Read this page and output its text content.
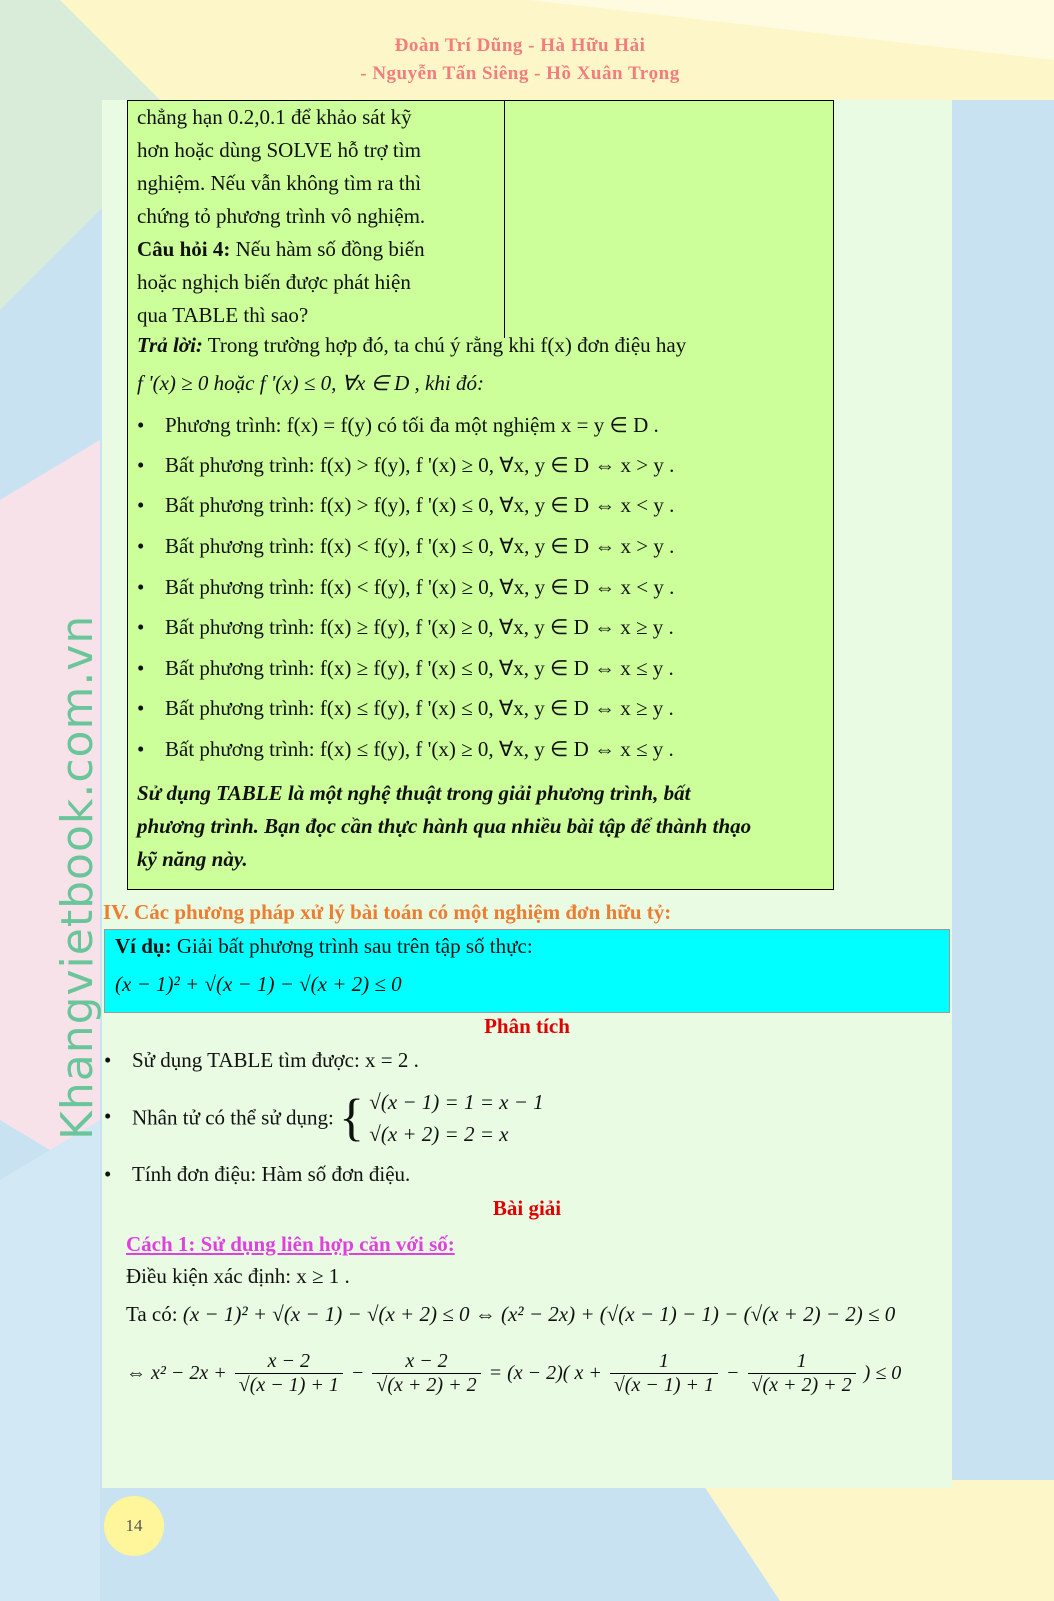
Đoàn Trí Dũng - Hà Hữu Hải
- Nguyễn Tấn Siêng - Hồ Xuân Trọng
Khangvietbook.com.vn
chẳng hạn 0.2,0.1 để khảo sát kỹ
hơn hoặc dùng SOLVE hỗ trợ tìm
nghiệm. Nếu vẫn không tìm ra thì
chứng tỏ phương trình vô nghiệm.
Câu hỏi 4: Nếu hàm số đồng biến
hoặc nghịch biến được phát hiện
qua TABLE thì sao?
Trả lời: Trong trường hợp đó, ta chú ý rằng khi f(x) đơn điệu hay
f '(x) ≥ 0 hoặc f '(x) ≤ 0, ∀x ∈ D , khi đó:
• Phương trình: f(x) = f(y) có tối đa một nghiệm x = y ∈ D .
• Bất phương trình: f(x) > f(y), f '(x) ≥ 0, ∀x, y ∈ D ⇔ x > y .
• Bất phương trình: f(x) > f(y), f '(x) ≤ 0, ∀x, y ∈ D ⇔ x < y .
• Bất phương trình: f(x) < f(y), f '(x) ≤ 0, ∀x, y ∈ D ⇔ x > y .
• Bất phương trình: f(x) < f(y), f '(x) ≥ 0, ∀x, y ∈ D ⇔ x < y .
• Bất phương trình: f(x) ≥ f(y), f '(x) ≥ 0, ∀x, y ∈ D ⇔ x ≥ y .
• Bất phương trình: f(x) ≥ f(y), f '(x) ≤ 0, ∀x, y ∈ D ⇔ x ≤ y .
• Bất phương trình: f(x) ≤ f(y), f '(x) ≤ 0, ∀x, y ∈ D ⇔ x ≥ y .
• Bất phương trình: f(x) ≤ f(y), f '(x) ≥ 0, ∀x, y ∈ D ⇔ x ≤ y .
Sử dụng TABLE là một nghệ thuật trong giải phương trình, bất
phương trình. Bạn đọc cần thực hành qua nhiều bài tập để thành thạo
kỹ năng này.
IV. Các phương pháp xử lý bài toán có một nghiệm đơn hữu tỷ:
Ví dụ: Giải bất phương trình sau trên tập số thực:
(x − 1)² + √(x − 1) − √(x + 2) ≤ 0
Phân tích
• Sử dụng TABLE tìm được: x = 2 .
• Nhân tử có thể sử dụng: { √(x − 1) = 1 = x − 1
√(x + 2) = 2 = x
• Tính đơn điệu: Hàm số đơn điệu.
Bài giải
Cách 1: Sử dụng liên hợp căn với số:
Điều kiện xác định: x ≥ 1 .
Ta có: (x − 1)² + √(x − 1) − √(x + 2) ≤ 0 ⇔ (x² − 2x) + (√(x − 1) − 1) − (√(x + 2) − 2) ≤ 0
⇔ $x^2 - 2x + \frac{x - 2}{√(x - 1) + 1} - \frac{x - 2}{√(x + 2) + 2} = (x - 2)$( $x + \frac{1}{√(x - 1) + 1} - \frac{1}{√(x + 2) + 2}$ ) ≤ 0
14
